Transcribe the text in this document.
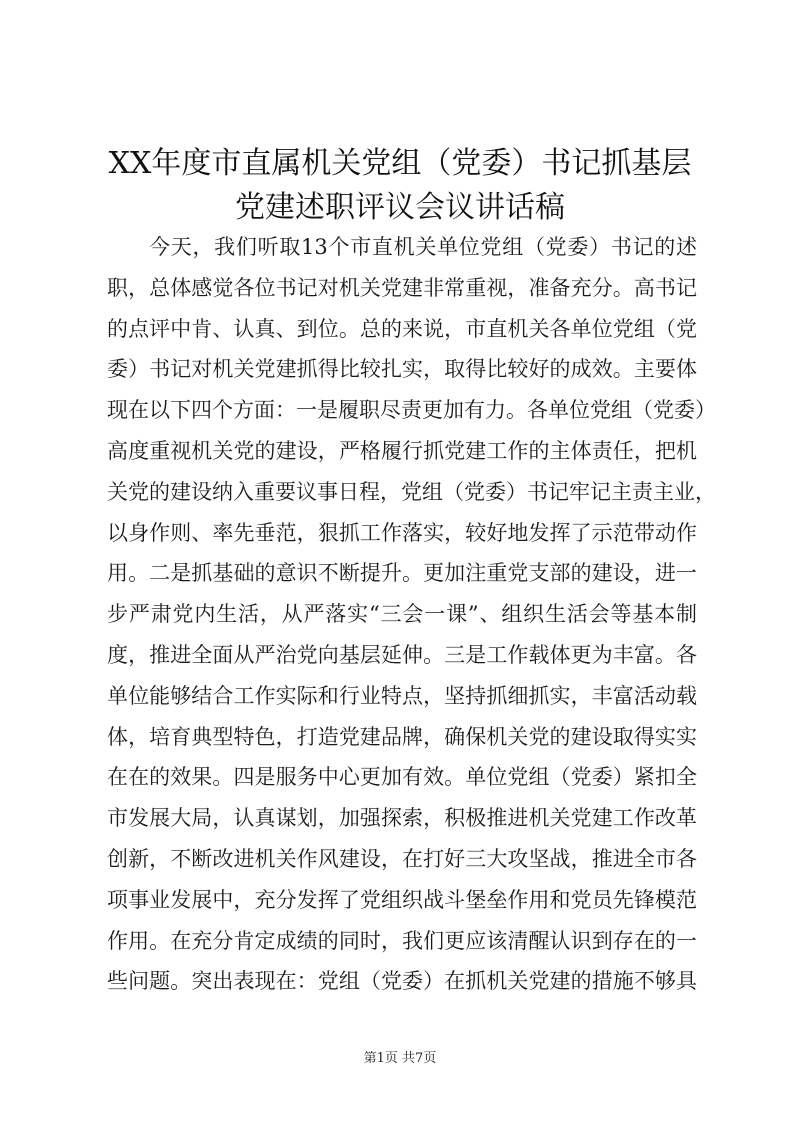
XX年度市直属机关党组（党委）书记抓基层
党建述职评议会议讲话稿
今天，我们听取13个市直机关单位党组（党委）书记的述
职，总体感觉各位书记对机关党建非常重视，准备充分。高书记
的点评中肯、认真、到位。总的来说，市直机关各单位党组（党
委）书记对机关党建抓得比较扎实，取得比较好的成效。主要体
现在以下四个方面：一是履职尽责更加有力。各单位党组（党委）
高度重视机关党的建设，严格履行抓党建工作的主体责任，把机
关党的建设纳入重要议事日程，党组（党委）书记牢记主责主业，
以身作则、率先垂范，狠抓工作落实，较好地发挥了示范带动作
用。二是抓基础的意识不断提升。更加注重党支部的建设，进一
步严肃党内生活，从严落实“三会一课”、组织生活会等基本制
度，推进全面从严治党向基层延伸。三是工作载体更为丰富。各
单位能够结合工作实际和行业特点，坚持抓细抓实，丰富活动载
体，培育典型特色，打造党建品牌，确保机关党的建设取得实实
在在的效果。四是服务中心更加有效。单位党组（党委）紧扣全
市发展大局，认真谋划，加强探索，积极推进机关党建工作改革
创新，不断改进机关作风建设，在打好三大攻坚战，推进全市各
项事业发展中，充分发挥了党组织战斗堡垒作用和党员先锋模范
作用。在充分肯定成绩的同时，我们更应该清醒认识到存在的一
些问题。突出表现在：党组（党委）在抓机关党建的措施不够具
第1页 共7页
